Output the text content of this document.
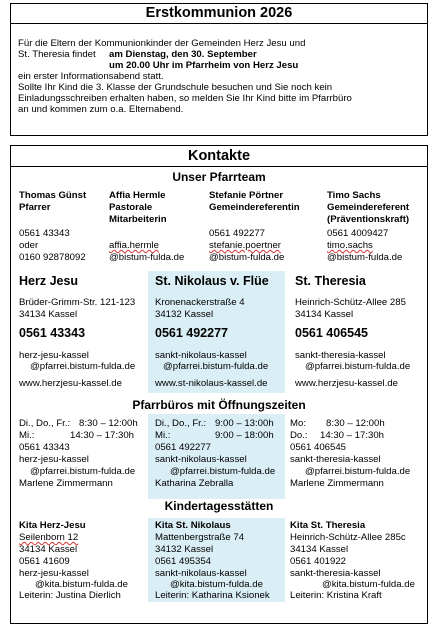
Erstkommunion 2026
Für die Eltern der Kommunionkinder der Gemeinden Herz Jesu und
St. Theresia findet am Dienstag, den 30. September
um 20.00 Uhr im Pfarrheim von Herz Jesu
ein erster Informationsabend statt.
Sollte Ihr Kind die 3. Klasse der Grundschule besuchen und Sie noch kein
Einladungsschreiben erhalten haben, so melden Sie Ihr Kind bitte im Pfarrbüro
an und kommen zum o.a. Elternabend.
Kontakte
Unser Pfarrteam
Thomas Günst
Pfarrer
0561 43343
oder
0160 92878092
Affia Hermle
Pastorale
Mitarbeiterin
affia.hermle
@bistum-fulda.de
Stefanie Pörtner
Gemeindereferentin
0561 492277
stefanie.poertner
@bistum-fulda.de
Timo Sachs
Gemeindereferent
(Präventionskraft)
0561 4009427
timo.sachs
@bistum-fulda.de
Herz Jesu
Brüder-Grimm-Str. 121-123
34134 Kassel
0561 43343
herz-jesu-kassel
@pfarrei.bistum-fulda.de
www.herzjesu-kassel.de
St. Nikolaus v. Flüe
Kronenackerstraße 4
34132 Kassel
0561 492277
sankt-nikolaus-kassel
@pfarrei.bistum-fulda.de
www.st-nikolaus-kassel.de
St. Theresia
Heinrich-Schütz-Allee 285
34134 Kassel
0561 406545
sankt-theresia-kassel
@pfarrei.bistum-fulda.de
www.herzjesu-kassel.de
Pfarrbüros mit Öffnungszeiten
Di., Do., Fr.: 8:30 – 12:00h
Mi.:	14:30 – 17:30h
0561 43343
herz-jesu-kassel
@pfarrei.bistum-fulda.de
Marlene Zimmermann
Di., Do., Fr.: 9:00 – 13:00h
Mi.:	9:00 – 18:00h
0561 492277
sankt-nikolaus-kassel
@pfarrei.bistum-fulda.de
Katharina Zebralla
Mo: 8:30 – 12:00h
Do.: 14:30 – 17:30h
0561 406545
sankt-theresia-kassel
@pfarrei.bistum-fulda.de
Marlene Zimmermann
Kindertagesstätten
Kita Herz-Jesu
Seilenborn 12
34134 Kassel
0561 41609
herz-jesu-kassel
@kita.bistum-fulda.de
Leiterin: Justina Dierlich
Kita St. Nikolaus
Mattenbergstraße 74
34132 Kassel
0561 495354
sankt-nikolaus-kassel
@kita.bistum-fulda.de
Leiterin: Katharina Ksionek
Kita St. Theresia
Heinrich-Schütz-Allee 285c
34134 Kassel
0561 401922
sankt-theresia-kassel
@kita.bistum-fulda.de
Leiterin: Kristina Kraft
